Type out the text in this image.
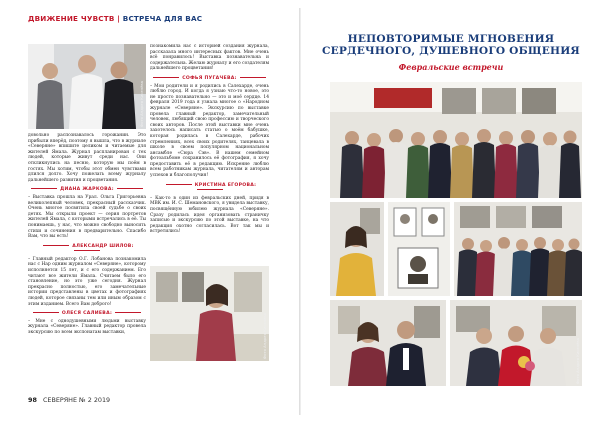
ДВИЖЕНИЕ ЧУВСТВ | ВСТРЕЧА ДЛЯ ВАС
Фото Андрея Киселёва

довольно распознавалось горожанин. Это прибыли вперёд, поэтому я вышла, что в журнале «Северяне» впишите целиком и читаемые для жителей Ямала. Журнал распланирован с тех людей, которые живут среди нас. Они откликнулись на песню, которую мы поём в гостях. Мы хотим, чтобы этот обмен чувствами длился долго. Хочу пожелать всему журналу дальнейшего развития и процветания.

ДИАНА ЖАРКОВА:

– Выставка прошла на Урал. Ольга Григорьевна великолепный человек, прекрасный рассказчик. Очень многое посвятила своей судьбе о своих детях. Мы открыли проект — серия портретов жителей Ямала, с которыми встречались в её. Ты понимаешь, у нас, что можно свободно выносить стихи и сочинения в предварительно. Спасибо Вам, что вы есть!

АЛЕКСАНДР ШИЛОВ:

– Главный редактор О.Г. Лобанова познакомила нас с Нар одним журналом «Северяне», которому исполняется 15 лет, и с его содержанием. Его читают все жители Ямала. Считаем было его становление, но это уже сегодня. Журнал прекрасно полностью, его замечательные истории представлены в цветах и фотографиях людей, которое связаны тем или иным образом с этим изданием. Всего Вам доброго!

ОЛЕСЯ САЛИЕВА:

– Мне с однодушевными людьми выставку журнала «Северяне». Главный редактор провела экскурсию по всем экспонатам выставки,

познакомила нас с историей создания журнала, рассказала много интересных фактов. Мне очень всё понравилось! Выставка познавательна и содержательна. Желаю журналу и его создателям дальнейшего процветания!

СОФЬЯ ПУГАЧЕВА:

– Мои родители и я родились в Салехарде, очень люблю город. И когда я узнаю что-то новое, это не просто познавательно — это и моё сердце. 14 февраля 2019 года я узнала многое о «Народном журнале «Северяне». Экскурсию по выставке провела главный редактор, замечательный человек, любящий свою профессию и творческого своих авторов. После этой выставки мне очень захотелось написать статью о моём бабушке, которая родилась в Салехарде, рабочих стремлениях, всех своих родителях, танцевала в школе в своем популярном национальном ансамбле «Сюра Сэв». В нашем семейном фотоальбоме сохранилось её фотография, я хочу предоставить её в редакцию. Искренне люблю всем работникам журнала, читателям и авторам успехов и благополучия!

КРИСТИНА ЕГОРОВА:

– Как-то в один из февральских дней, придя в МВК им. И. С. Шемановского, я увидела выставку, посвящённую юбилею журнала «Северяне». Сразу родилась идея организовать страничку записью и экскурсию по этой выставке, на что редакция охотно согласилась. Вот так мы и встретились!

Фото Андрея Киселёва
98 СЕВЕРЯНЕ № 2 2019
НЕПОВТОРИМЫЕ МГНОВЕНИЯ
СЕРДЕЧНОГО, ДУШЕВНОГО ОБЩЕНИЯ
Февральские встречи
Фото Андрея Киселёва
